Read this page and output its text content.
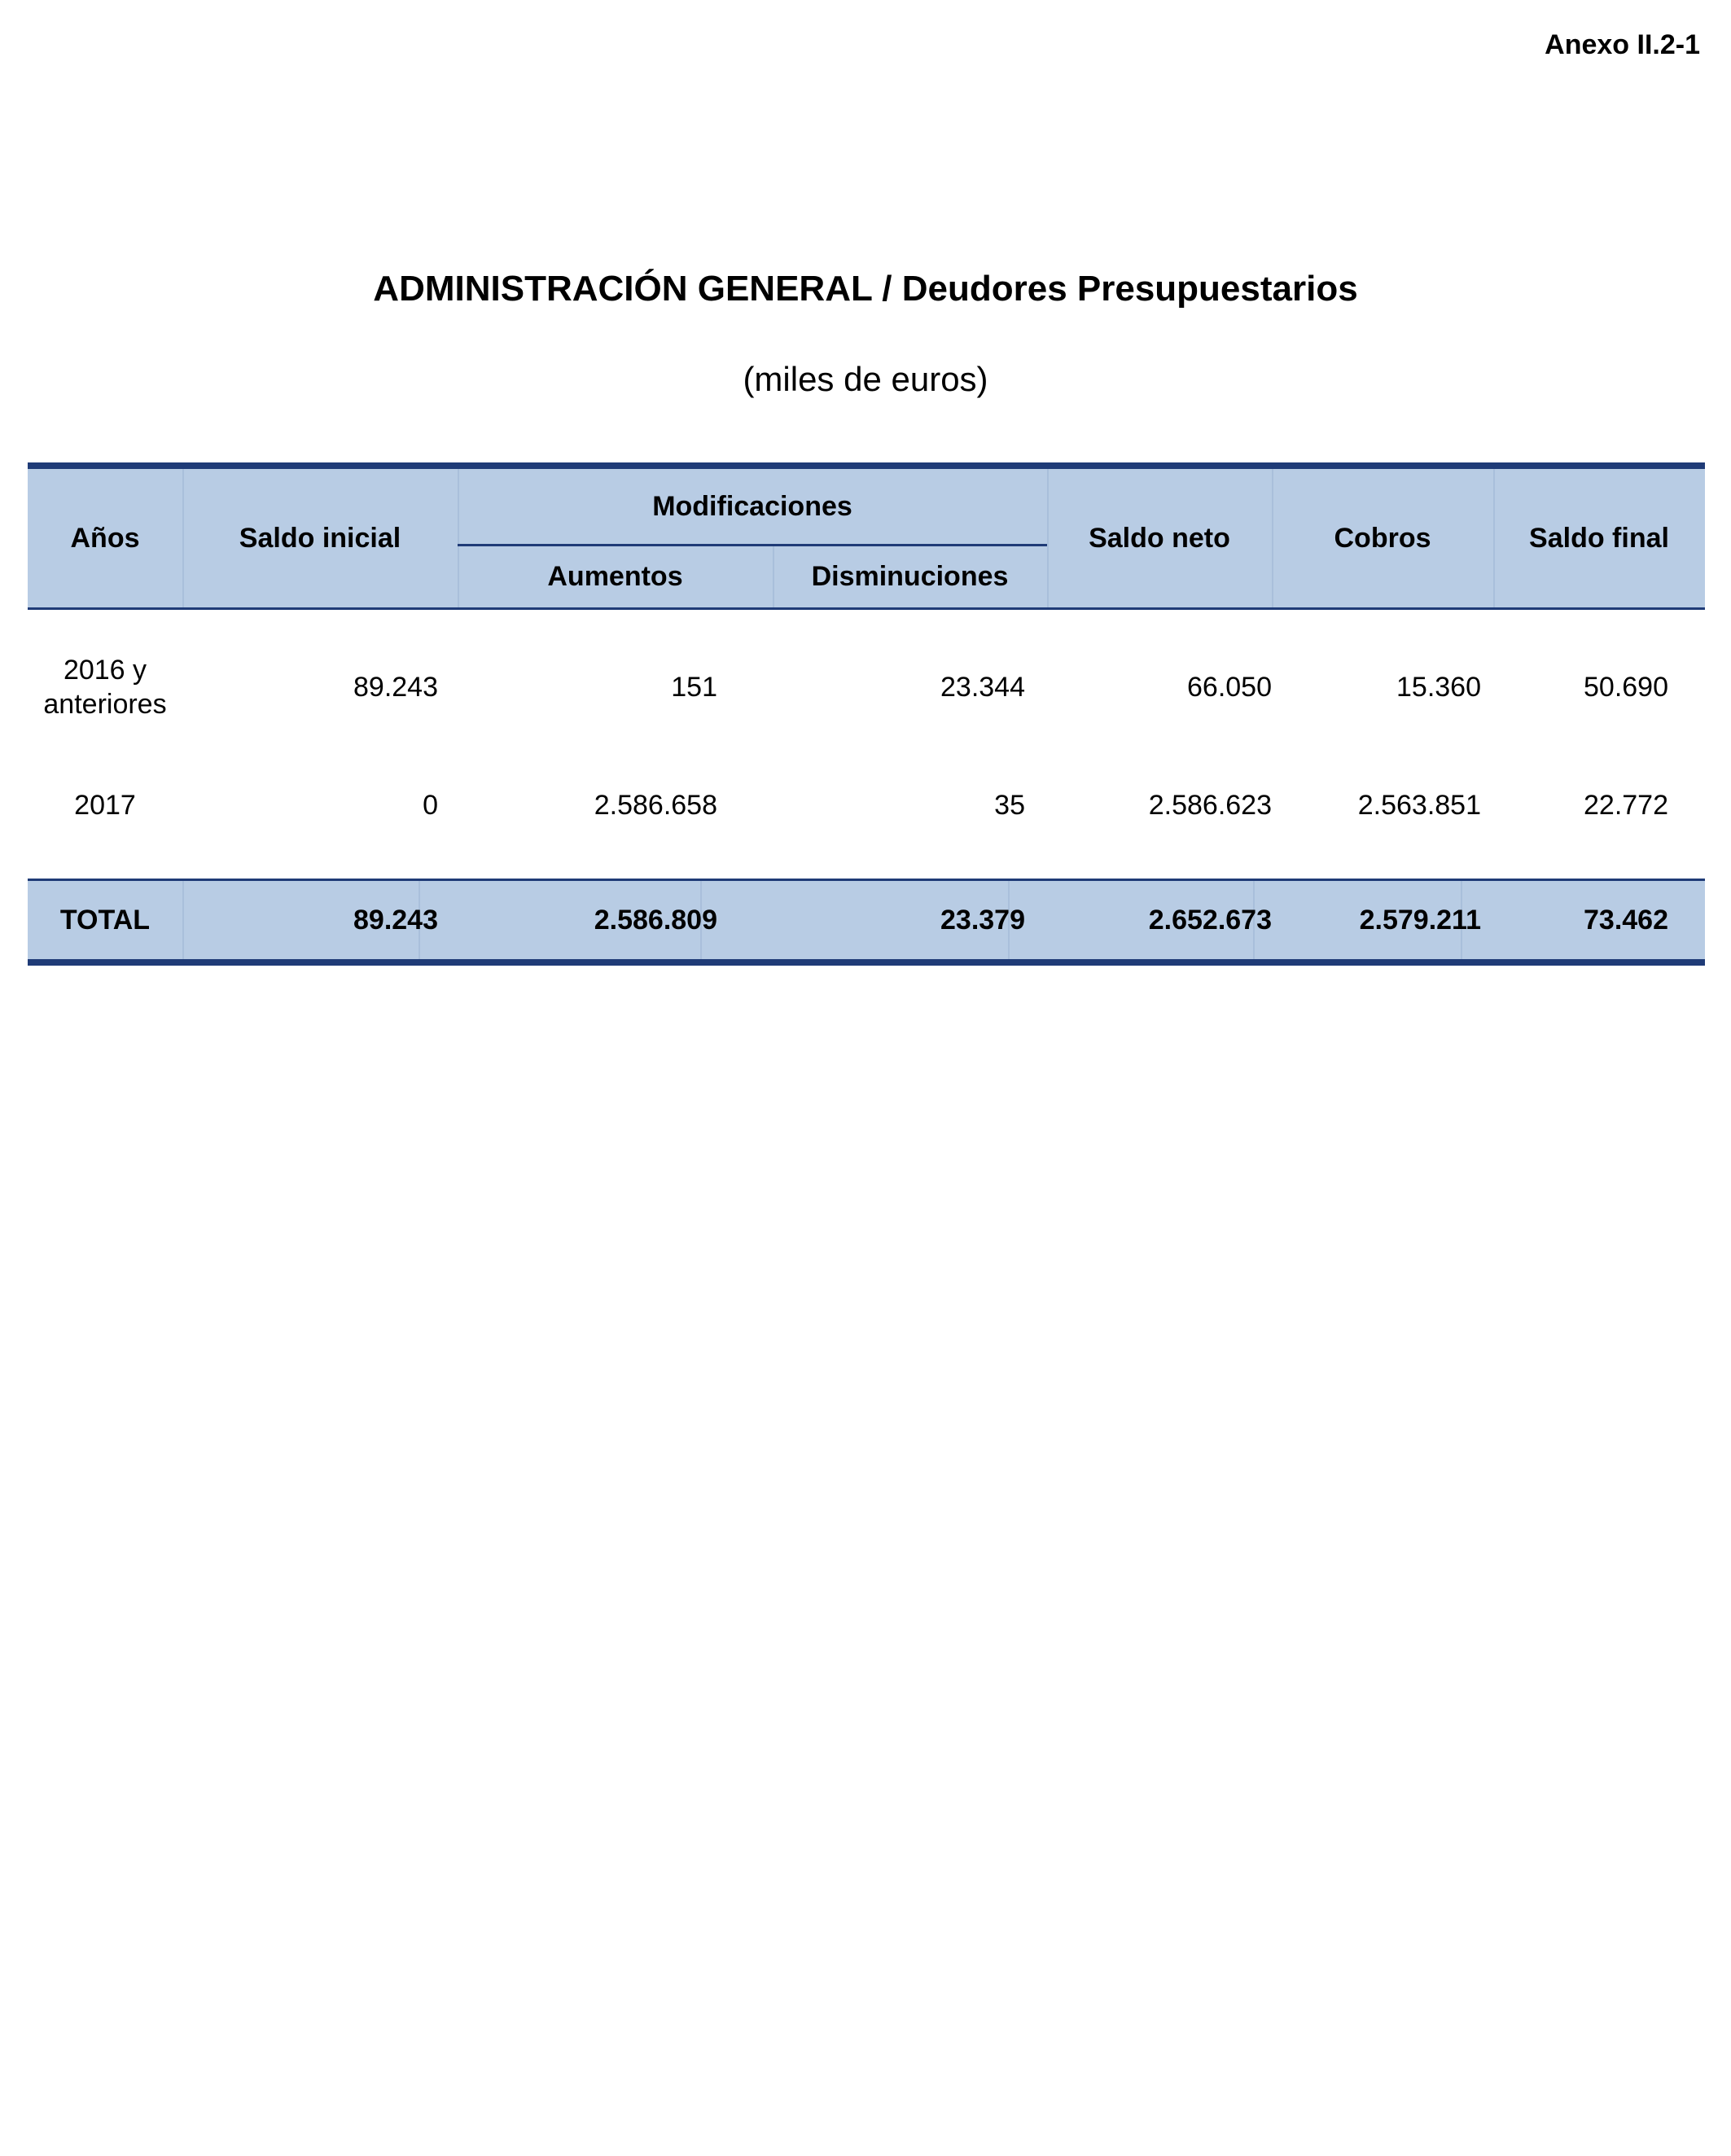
Anexo II.2-1
ADMINISTRACIÓN GENERAL / Deudores Presupuestarios
(miles de euros)
Años	Saldo inicial
Modificaciones
Aumentos	Disminuciones
Saldo neto	Cobros	Saldo final
2016 y
anteriores
89.243	151	23.344	66.050	15.360	50.690
2017	0	2.586.658	35	2.586.623	2.563.851	22.772
TOTAL	89.243	2.586.809	23.379	2.652.673	2.579.211	73.462
